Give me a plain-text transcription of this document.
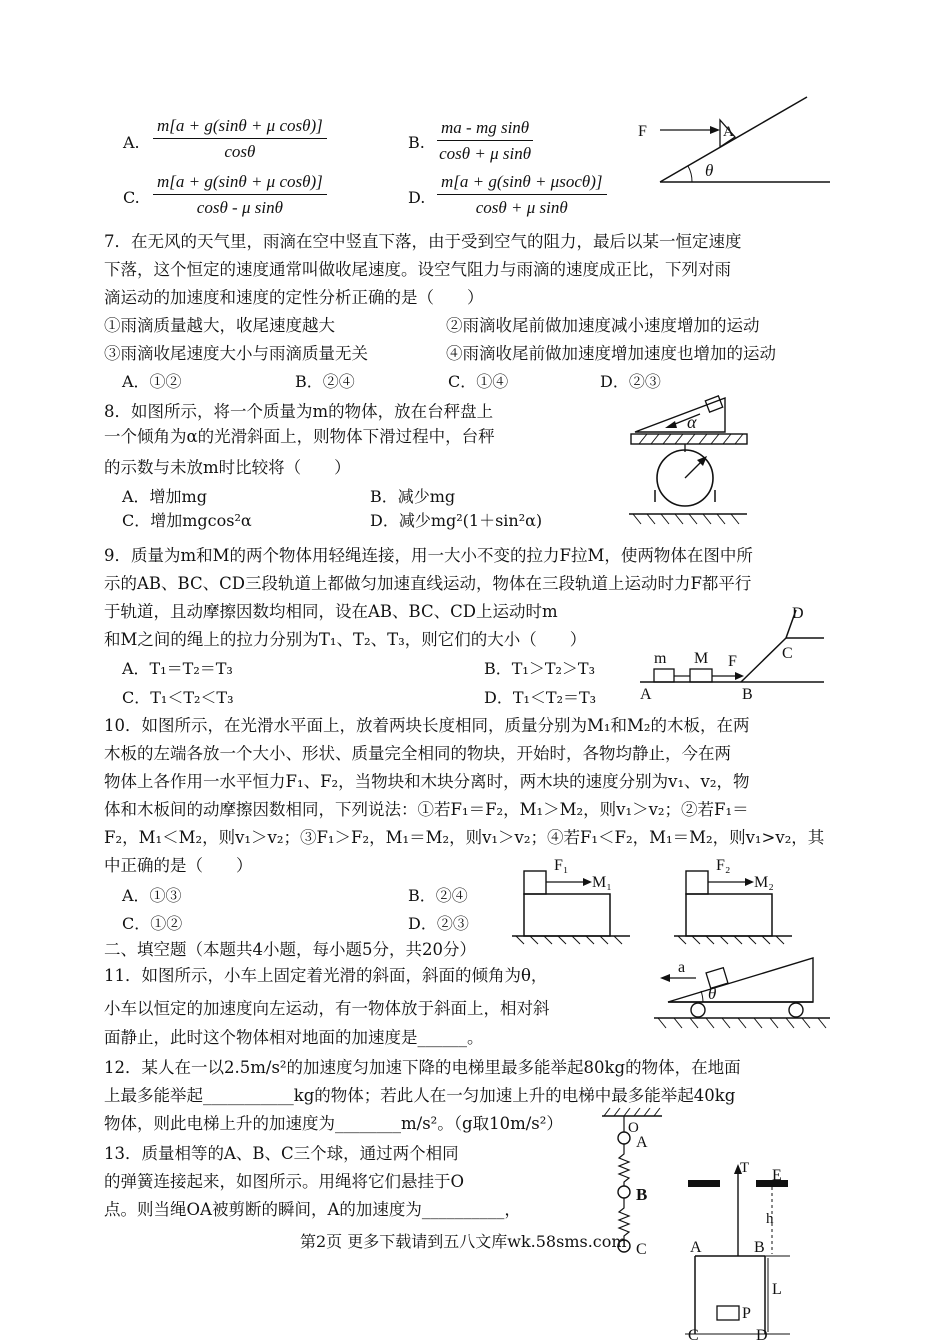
A. $\frac{\text{m[a + g(sinθ + μ cosθ)]}}{\cos\theta}$	B. $\frac{\text{ma - mg sinθ}}{\text{cosθ + μ sinθ}}$
C. $\frac{\text{m[a + g(sinθ + μ cosθ)]}}{\text{cosθ - μ sinθ}}$	D.
m[a + g(sinθ + μsocθ)]
cosθ + μ sinθ
F	A
θ
7．在无风的天气里，雨滴在空中竖直下落，由于受到空气的阻力，最后以某一恒定速度
下落，这个恒定的速度通常叫做收尾速度。设空气阻力与雨滴的速度成正比，下列对雨
滴运动的加速度和速度的定性分析正确的是（　　）
①雨滴质量越大，收尾速度越大	②雨滴收尾前做加速度减小速度增加的运动
③雨滴收尾速度大小与雨滴质量无关	④雨滴收尾前做加速度增加速度也增加的运动
A．①②	B．②④	C．①④	D．②③
8．如图所示，将一个质量为m的物体，放在台秤盘上
一个倾角为α的光滑斜面上，则物体下滑过程中，台秤
的示数与未放m时比较将（　　）
A．增加mg	B．减少mg
C．增加mgcos²α	D．减少mg²(1＋sin²α)
α
9．质量为m和M的两个物体用轻绳连接，用一大小不变的拉力F拉M，使两物体在图中所
示的AB、BC、CD三段轨道上都做匀加速直线运动，物体在三段轨道上运动时力F都平行
于轨道，且动摩擦因数均相同，设在AB、BC、CD上运动时m
和M之间的绳上的拉力分别为T₁、T₂、T₃，则它们的大小（　　）
A．T₁＝T₂＝T₃	B．T₁＞T₂＞T₃
C．T₁＜T₂＜T₃	D．T₁＜T₂＝T₃
m M F
A	B
C
D
10．如图所示，在光滑水平面上，放着两块长度相同，质量分别为M₁和M₂的木板，在两
木板的左端各放一个大小、形状、质量完全相同的物块，开始时，各物均静止，今在两
物体上各作用一水平恒力F₁、F₂，当物块和木块分离时，两木块的速度分别为v₁、v₂，物
体和木板间的动摩擦因数相同，下列说法：①若F₁＝F₂，M₁＞M₂，则v₁＞v₂；②若F₁＝
F₂，M₁＜M₂，则v₁＞v₂；③F₁＞F₂，M₁＝M₂，则v₁＞v₂；④若F₁＜F₂，M₁＝M₂，则v₁>v₂，其
中正确的是（　　）
A．①③	B．②④
C．①②	D．②③
F₁
M₁
F₂
M₂
二、填空题（本题共4小题，每小题5分，共20分）
11．如图所示，小车上固定着光滑的斜面，斜面的倾角为θ，
小车以恒定的加速度向左运动，有一物体放于斜面上，相对斜
面静止，此时这个物体相对地面的加速度是______。
a
θ
12．某人在一以2.5m/s²的加速度匀加速下降的电梯里最多能举起80kg的物体，在地面
上最多能举起___________kg的物体；若此人在一匀加速上升的电梯中最多能举起40kg
物体，则此电梯上升的加速度为________m/s²。（g取10m/s²）
13．质量相等的A、B、C三个球，通过两个相同
的弹簧连接起来，如图所示。用绳将它们悬挂于O
点。则当绳OA被剪断的瞬间，A的加速度为__________，
O
A
B
C
T E
h
A	B
L
P
C	D
第2页 更多下载请到五八文库wk.58sms.com
